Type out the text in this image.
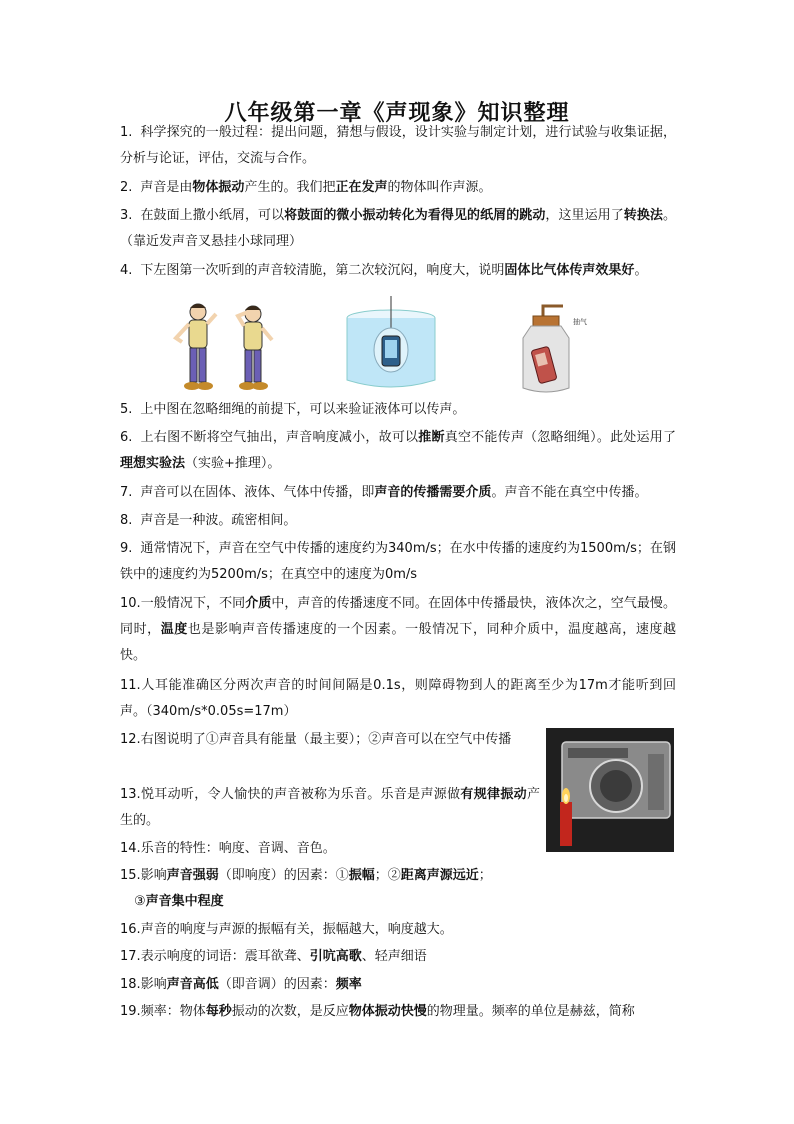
八年级第一章《声现象》知识整理

1. 科学探究的一般过程：提出问题，猜想与假设，设计实验与制定计划，进行试验与收集证据，分析与论证，评估，交流与合作。

2. 声音是由物体振动产生的。我们把正在发声的物体叫作声源。

3. 在鼓面上撒小纸屑，可以将鼓面的微小振动转化为看得见的纸屑的跳动，这里运用了转换法。（靠近发声音叉悬挂小球同理）

4. 下左图第一次听到的声音较清脆，第二次较沉闷，响度大，说明固体比气体传声效果好。

抽气

5. 上中图在忽略细绳的前提下，可以来验证液体可以传声。

6. 上右图不断将空气抽出，声音响度减小，故可以推断真空不能传声（忽略细绳）。此处运用了理想实验法（实验+推理）。

7. 声音可以在固体、液体、气体中传播，即声音的传播需要介质。声音不能在真空中传播。

8. 声音是一种波。疏密相间。

9. 通常情况下，声音在空气中传播的速度约为340m/s；在水中传播的速度约为1500m/s；在钢铁中的速度约为5200m/s；在真空中的速度为0m/s

10.一般情况下，不同介质中，声音的传播速度不同。在固体中传播最快，液体次之，空气最慢。同时，温度也是影响声音传播速度的一个因素。一般情况下，同种介质中，温度越高，速度越快。

11.人耳能准确区分两次声音的时间间隔是0.1s，则障碍物到人的距离至少为17m才能听到回声。（340m/s*0.05s=17m）

12.右图说明了①声音具有能量（最主要）；②声音可以在空气中传播

13.悦耳动听，令人愉快的声音被称为乐音。乐音是声源做有规律振动产生的。

14.乐音的特性：响度、音调、音色。

15.影响声音强弱（即响度）的因素：①振幅；②距离声源远近；

③声音集中程度

16.声音的响度与声源的振幅有关，振幅越大，响度越大。

17.表示响度的词语：震耳欲聋、引吭高歌、轻声细语

18.影响声音高低（即音调）的因素：频率

19.频率：物体每秒振动的次数，是反应物体振动快慢的物理量。频率的单位是赫兹，简称
